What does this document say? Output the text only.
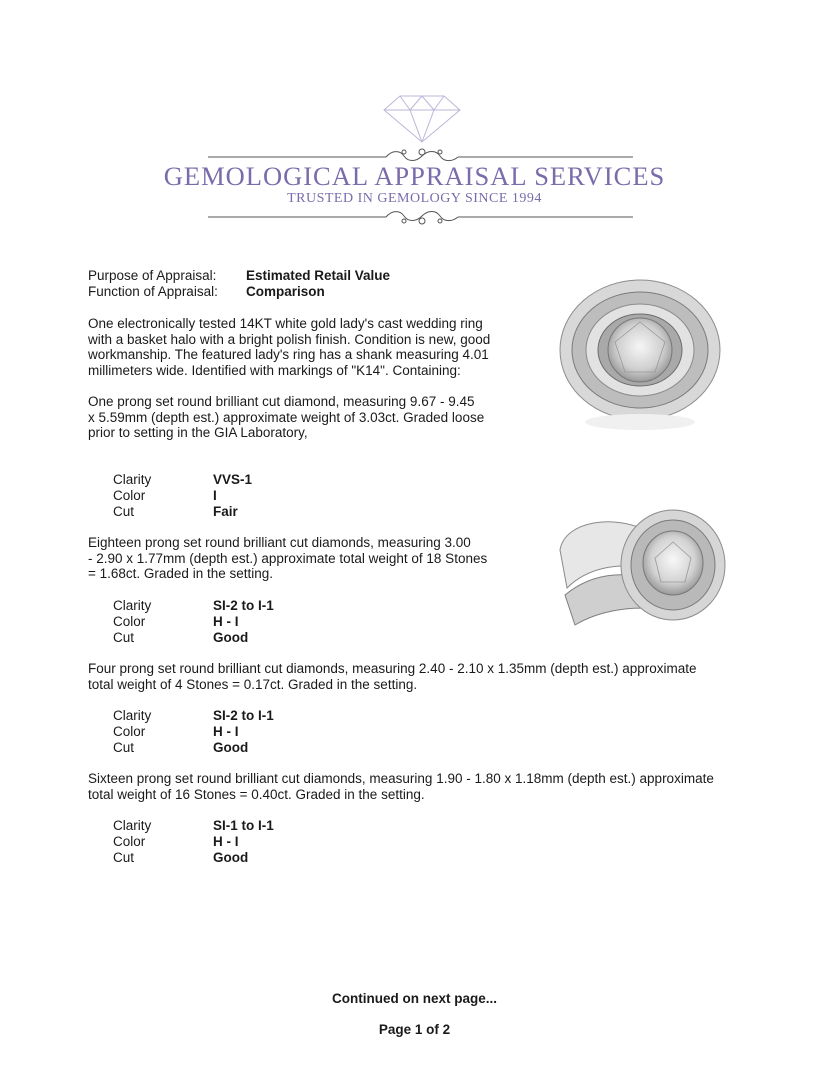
GEMOLOGICAL APPRAISAL SERVICES
TRUSTED IN GEMOLOGY SINCE 1994
Purpose of Appraisal: Estimated Retail Value
Function of Appraisal: Comparison
One electronically tested 14KT white gold lady's cast wedding ring
with a basket halo with a bright polish finish. Condition is new, good
workmanship. The featured lady's ring has a shank measuring 4.01
millimeters wide. Identified with markings of "K14". Containing:
One prong set round brilliant cut diamond, measuring 9.67 - 9.45
x 5.59mm (depth est.) approximate weight of 3.03ct. Graded loose
prior to setting in the GIA Laboratory,
Clarity	VVS-1
Color	I
Cut	Fair
Eighteen prong set round brilliant cut diamonds, measuring 3.00
- 2.90 x 1.77mm (depth est.) approximate total weight of 18 Stones
= 1.68ct. Graded in the setting.
Clarity	SI-2 to I-1
Color	H - I
Cut	Good
Four prong set round brilliant cut diamonds, measuring 2.40 - 2.10 x 1.35mm (depth est.) approximate
total weight of 4 Stones = 0.17ct. Graded in the setting.
Clarity	SI-2 to I-1
Color	H - I
Cut	Good
Sixteen prong set round brilliant cut diamonds, measuring 1.90 - 1.80 x 1.18mm (depth est.) approximate
total weight of 16 Stones = 0.40ct. Graded in the setting.
Clarity	SI-1 to I-1
Color	H - I
Cut	Good
Continued on next page...
Page 1 of 2
